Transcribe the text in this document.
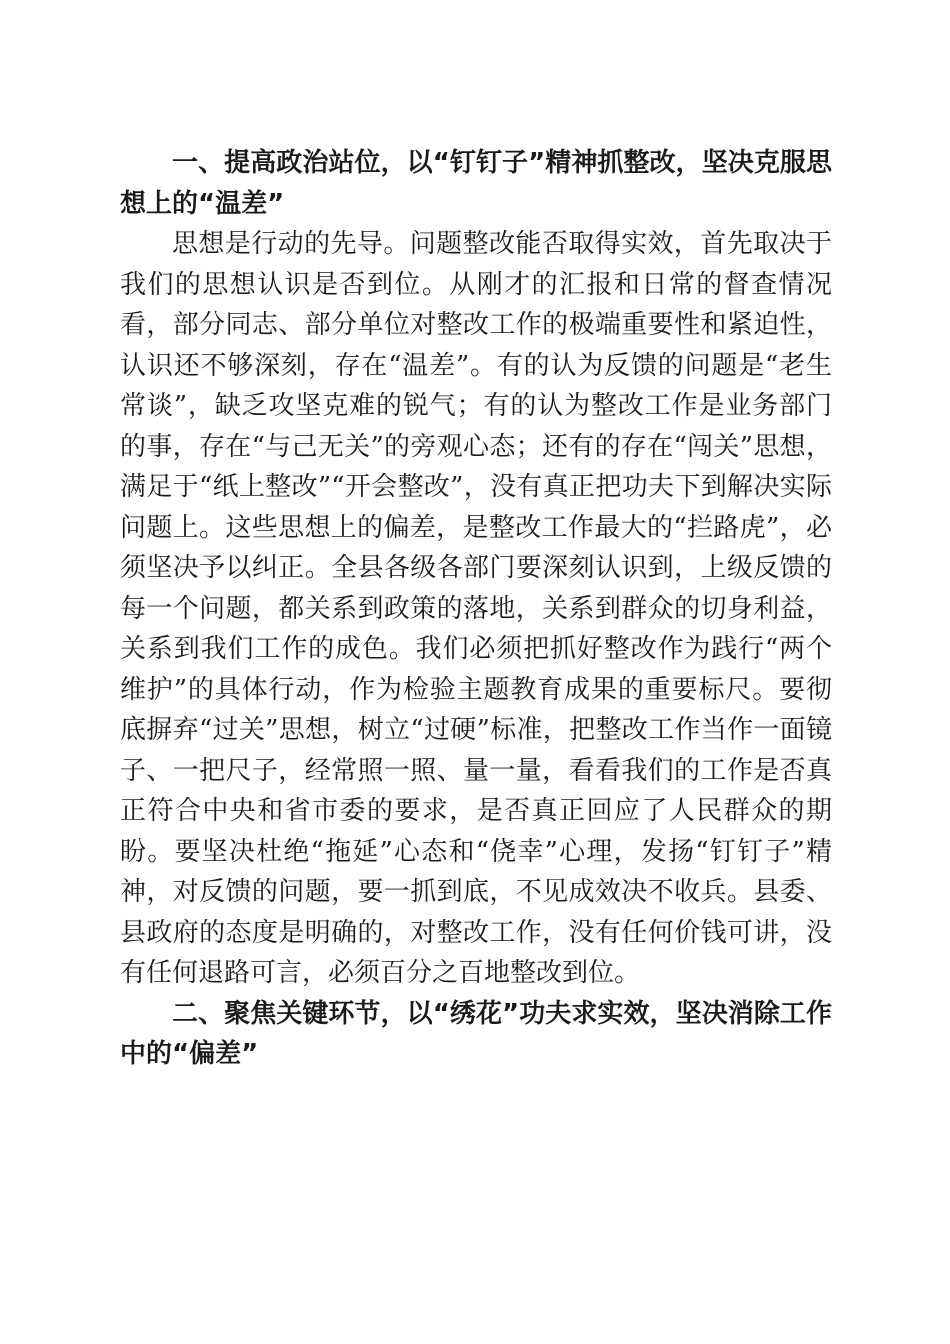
一、提高政治站位，以“钉钉子”精神抓整改，坚决克服思想上的“温差”

思想是行动的先导。问题整改能否取得实效，首先取决于我们的思想认识是否到位。从刚才的汇报和日常的督查情况看，部分同志、部分单位对整改工作的极端重要性和紧迫性，认识还不够深刻，存在“温差”。有的认为反馈的问题是“老生常谈”，缺乏攻坚克难的锐气；有的认为整改工作是业务部门的事，存在“与己无关”的旁观心态；还有的存在“闯关”思想，满足于“纸上整改”“开会整改”，没有真正把功夫下到解决实际问题上。这些思想上的偏差，是整改工作最大的“拦路虎”，必须坚决予以纠正。全县各级各部门要深刻认识到，上级反馈的每一个问题，都关系到政策的落地，关系到群众的切身利益，关系到我们工作的成色。我们必须把抓好整改作为践行“两个维护”的具体行动，作为检验主题教育成果的重要标尺。要彻底摒弃“过关”思想，树立“过硬”标准，把整改工作当作一面镜子、一把尺子，经常照一照、量一量，看看我们的工作是否真正符合中央和省市委的要求，是否真正回应了人民群众的期盼。要坚决杜绝“拖延”心态和“侥幸”心理，发扬“钉钉子”精神，对反馈的问题，要一抓到底，不见成效决不收兵。县委、县政府的态度是明确的，对整改工作，没有任何价钱可讲，没有任何退路可言，必须百分之百地整改到位。

二、聚焦关键环节，以“绣花”功夫求实效，坚决消除工作中的“偏差”
